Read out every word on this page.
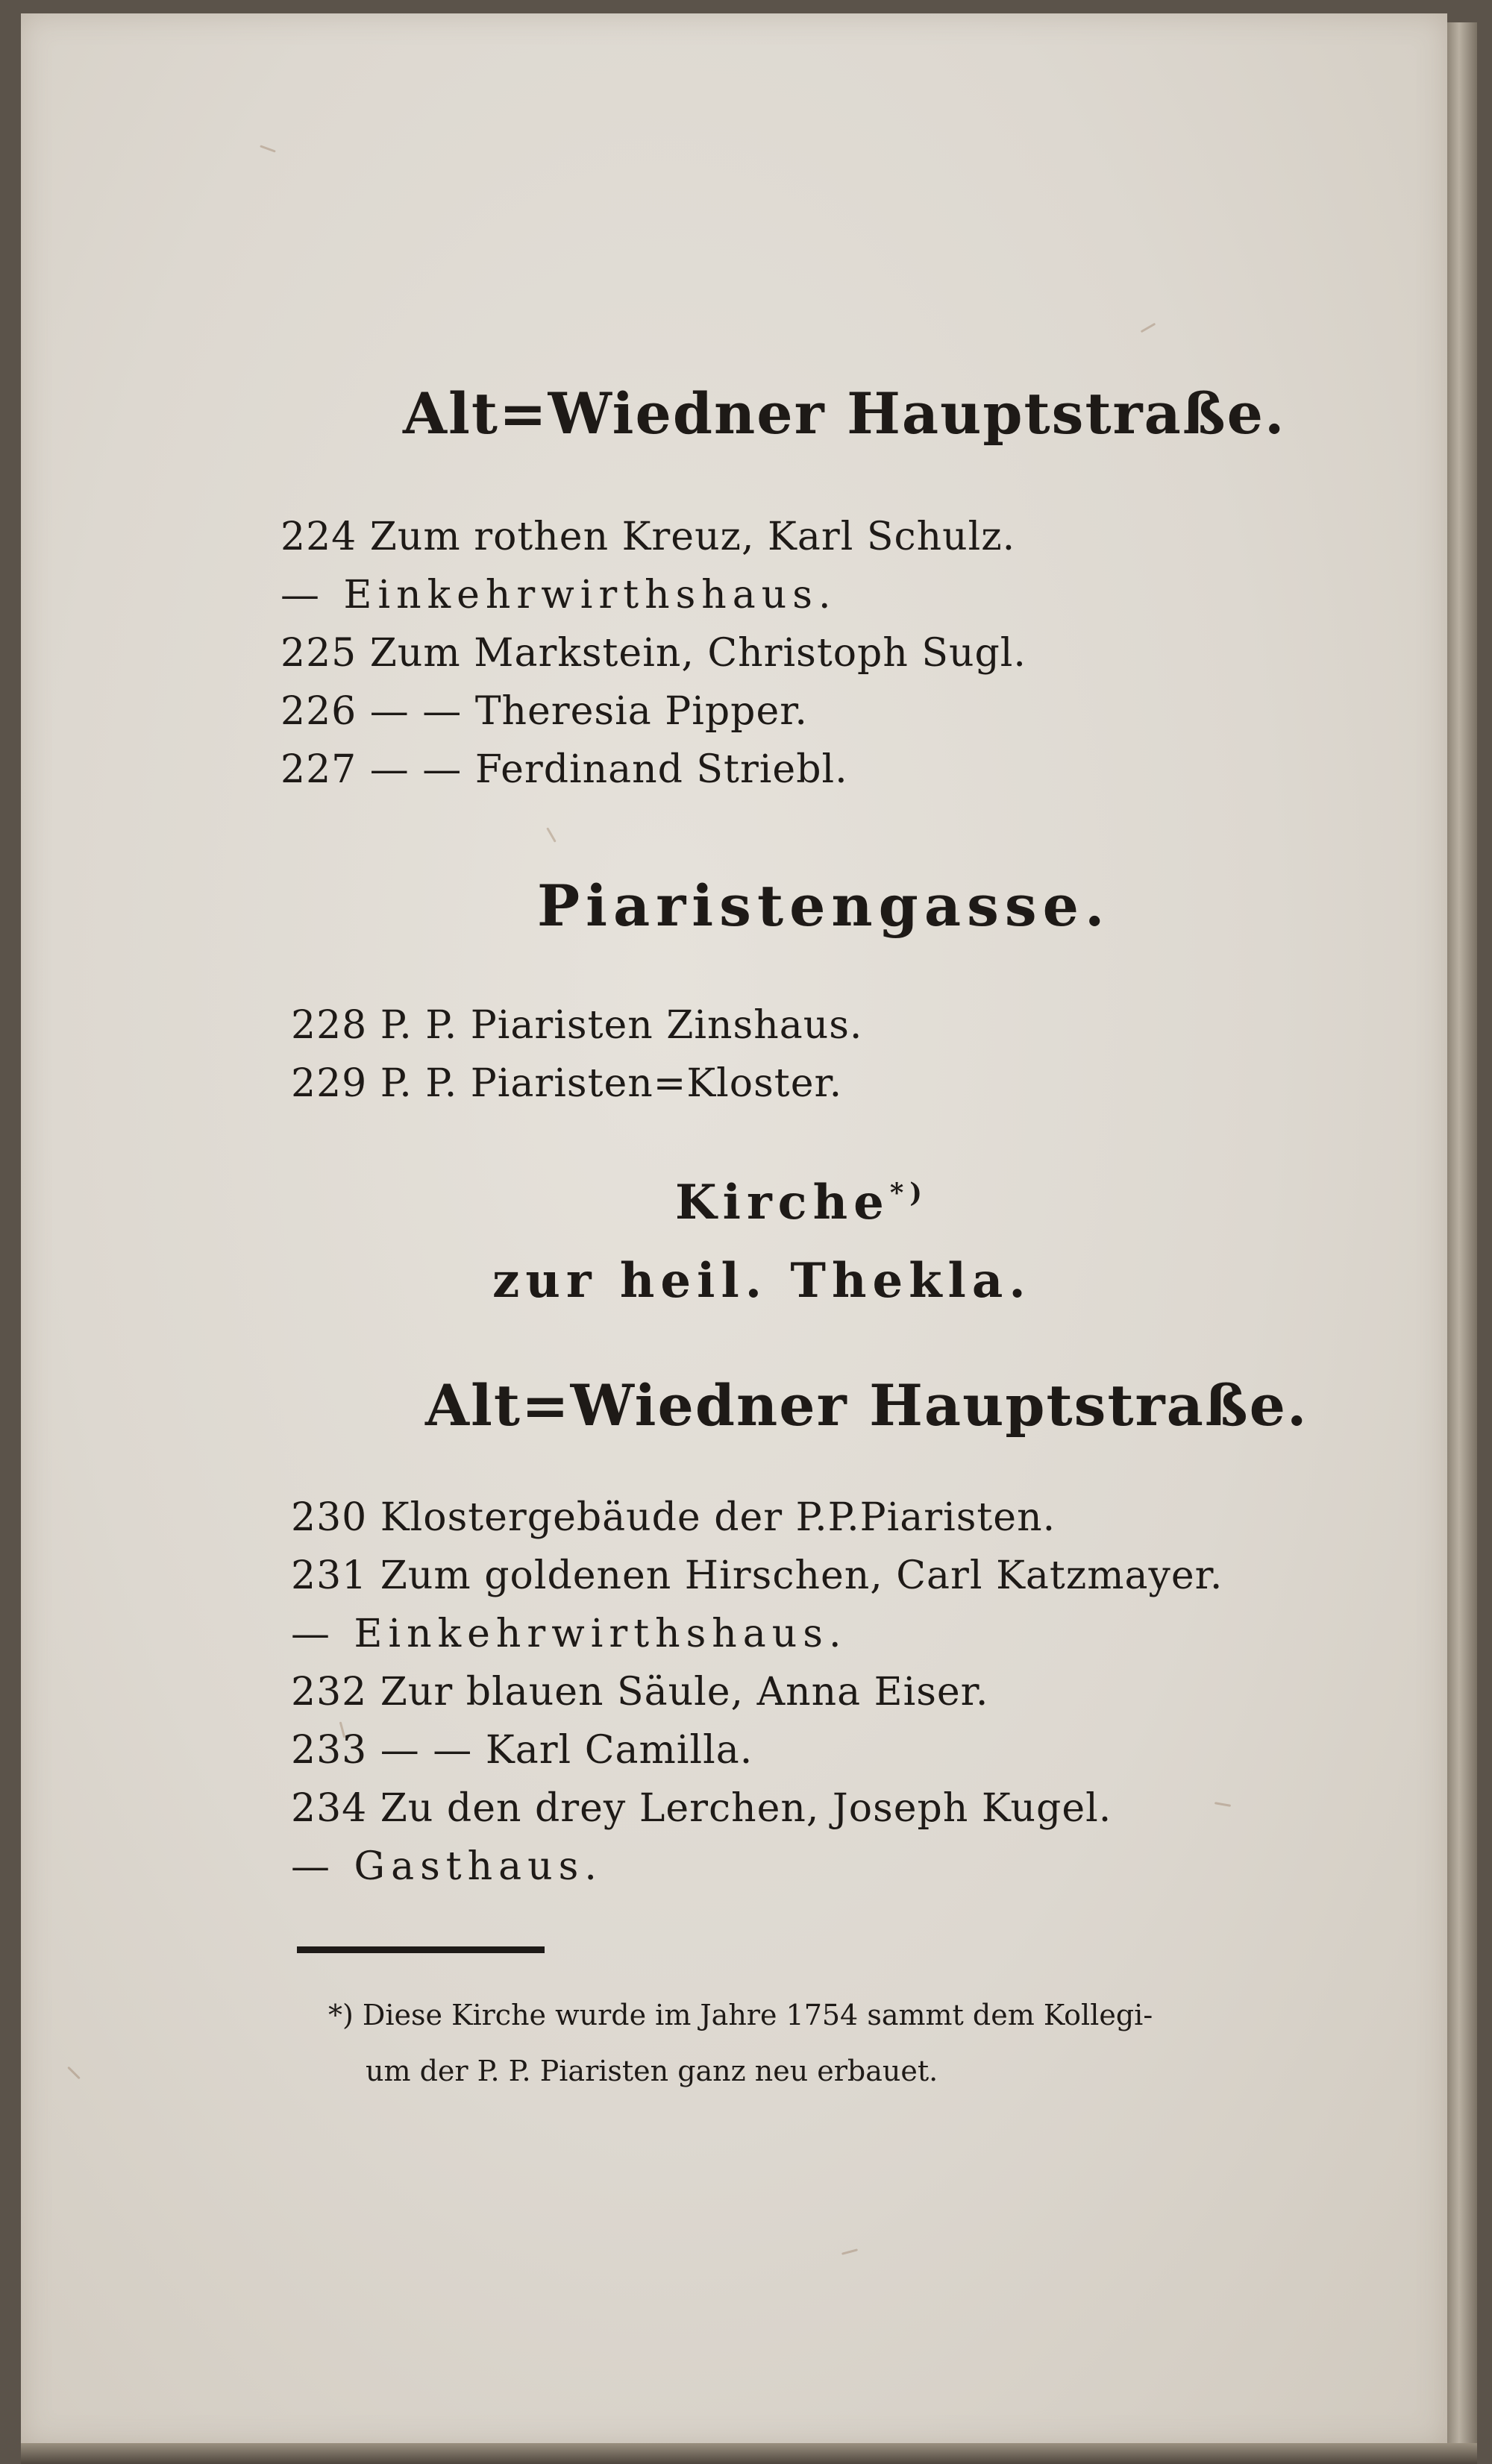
Alt=Wiedner Hauptstraße.
224 Zum rothen Kreuz, Karl Schulz.
— Einkehrwirthshaus.
225 Zum Markstein, Christoph Sugl.
226 — — Theresia Pipper.
227 — — Ferdinand Striebl.
Piaristengasse.
228 P. P. Piaristen Zinshaus.
229 P. P. Piaristen=Kloster.
Kirche*)
zur heil. Thekla.
Alt=Wiedner Hauptstraße.
230 Klostergebäude der P.P.Piaristen.
231 Zum goldenen Hirschen, Carl Katzmayer.
— Einkehrwirthshaus.
232 Zur blauen Säule, Anna Eiser.
233 — — Karl Camilla.
234 Zu den drey Lerchen, Joseph Kugel.
— Gasthaus.
*) Diese Kirche wurde im Jahre 1754 sammt dem Kollegi-
um der P. P. Piaristen ganz neu erbauet.
